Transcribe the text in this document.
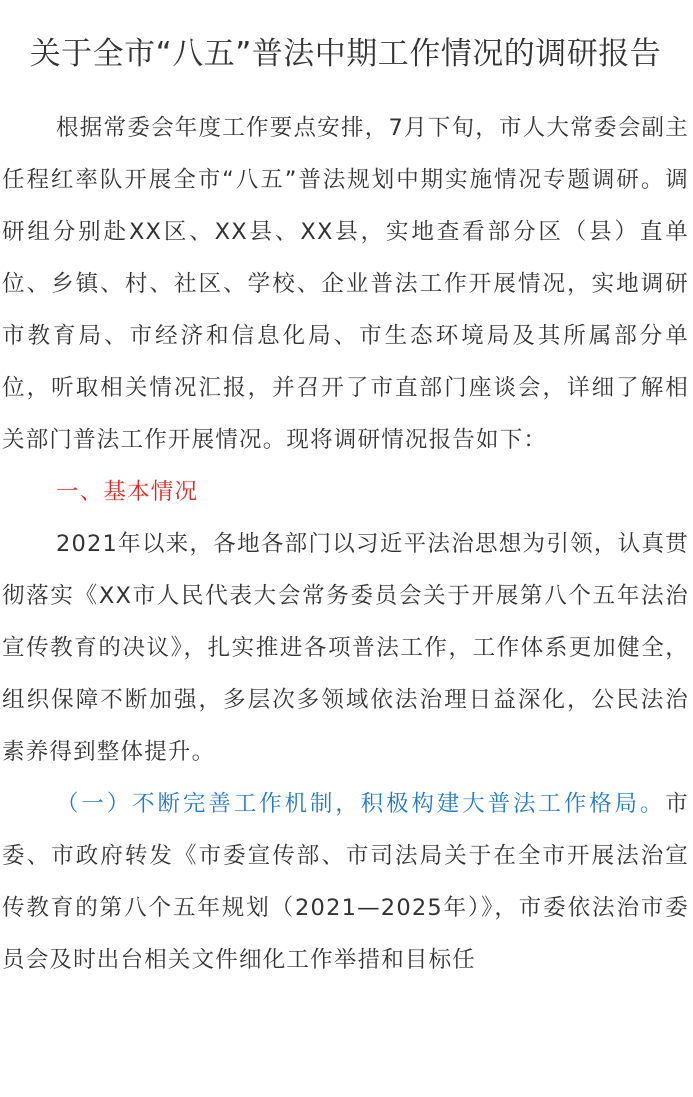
关于全市“八五”普法中期工作情况的调研报告

根据常委会年度工作要点安排，7月下旬，市人大常委会副主任程红率队开展全市“八五”普法规划中期实施情况专题调研。调研组分别赴XX区、XX县、XX县，实地查看部分区（县）直单位、乡镇、村、社区、学校、企业普法工作开展情况，实地调研市教育局、市经济和信息化局、市生态环境局及其所属部分单位，听取相关情况汇报，并召开了市直部门座谈会，详细了解相关部门普法工作开展情况。现将调研情况报告如下：

一、基本情况

2021年以来，各地各部门以习近平法治思想为引领，认真贯彻落实《XX市人民代表大会常务委员会关于开展第八个五年法治宣传教育的决议》，扎实推进各项普法工作，工作体系更加健全，组织保障不断加强，多层次多领域依法治理日益深化，公民法治素养得到整体提升。

（一）不断完善工作机制，积极构建大普法工作格局。市委、市政府转发《市委宣传部、市司法局关于在全市开展法治宣传教育的第八个五年规划（2021—2025年）》，市委依法治市委员会及时出台相关文件细化工作举措和目标任
